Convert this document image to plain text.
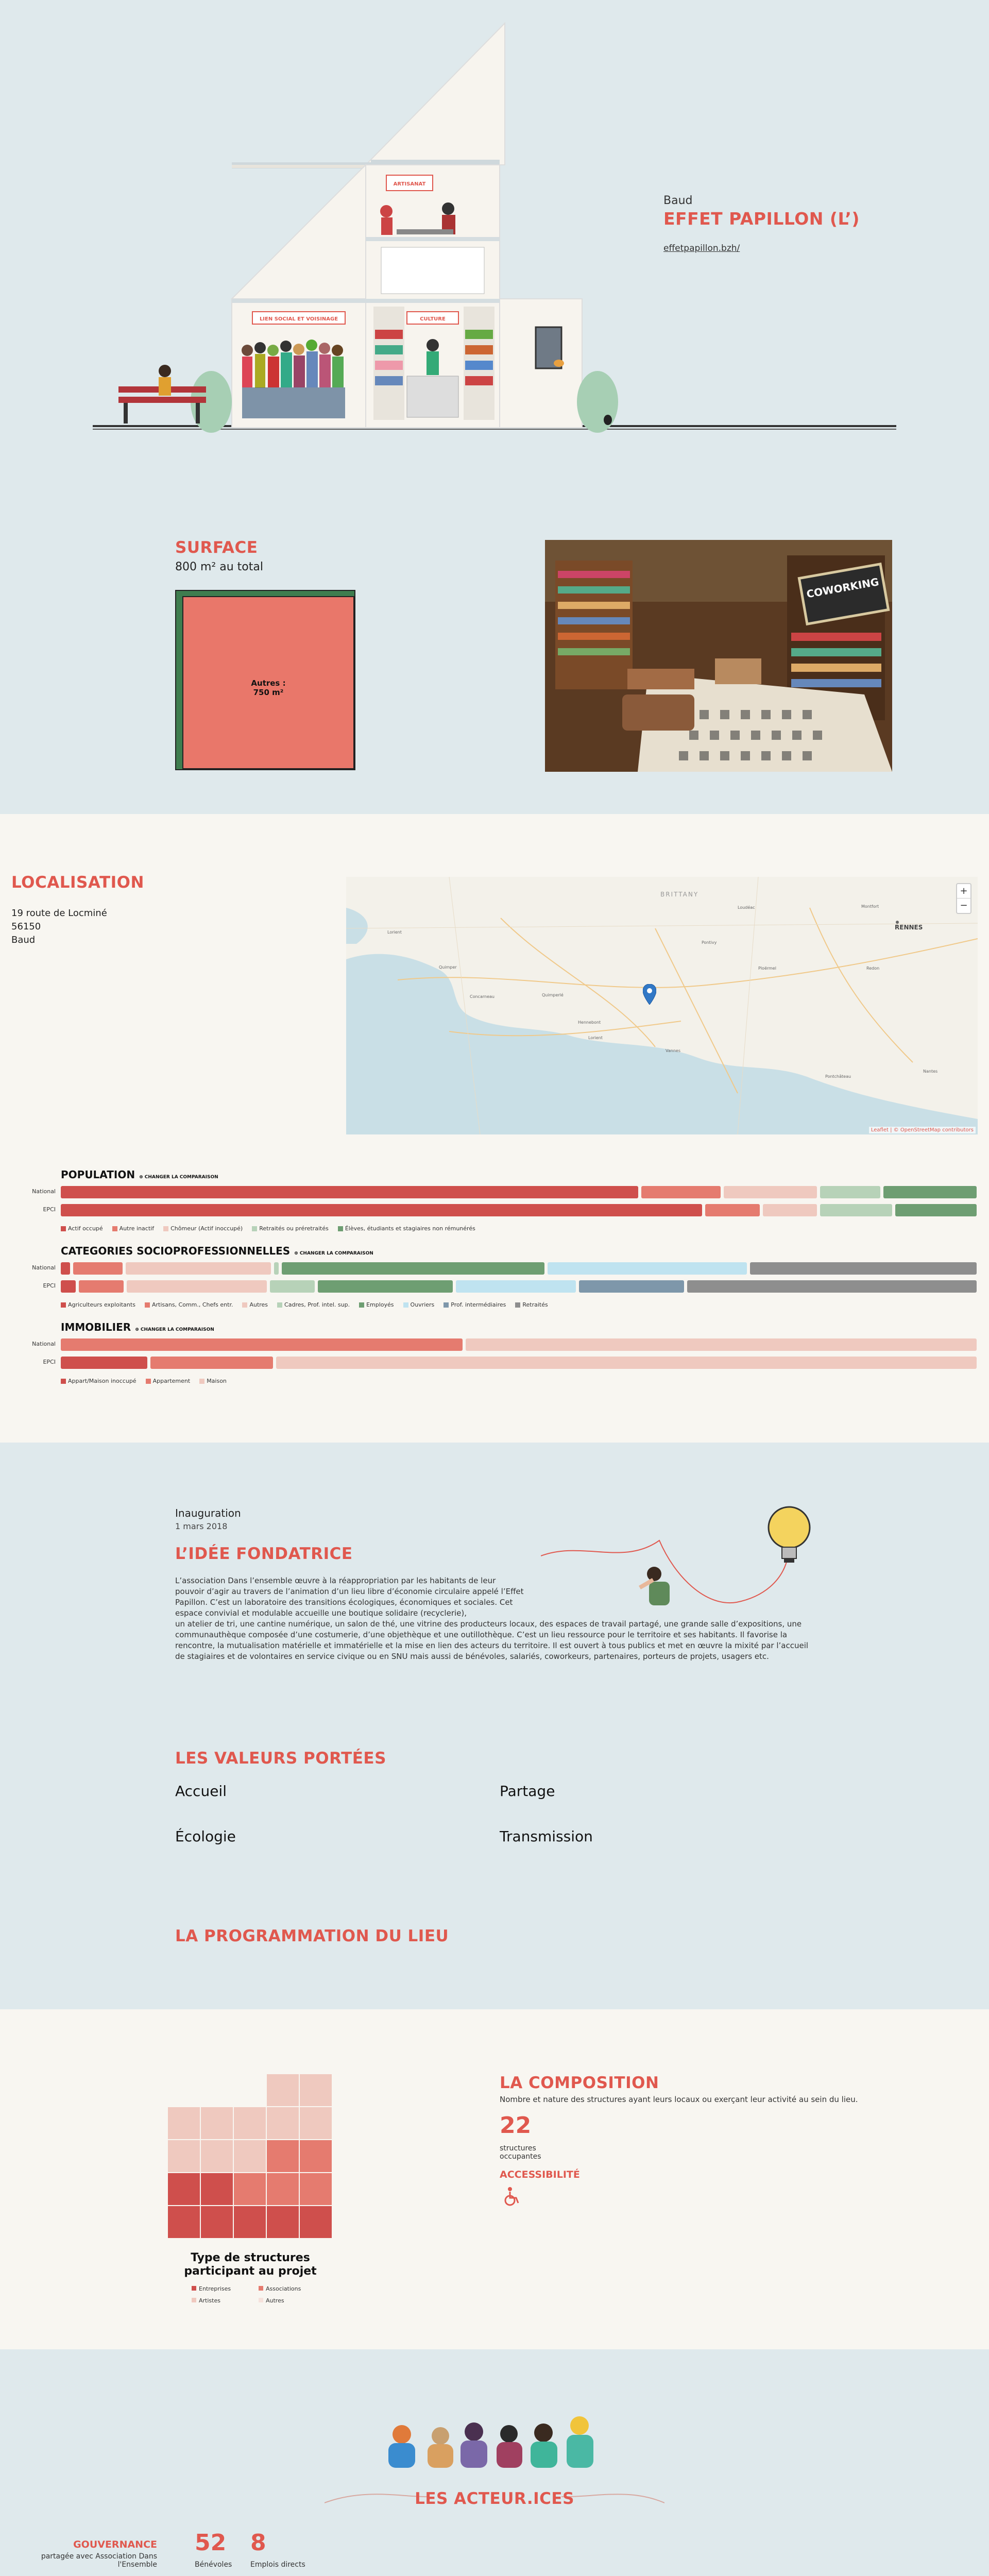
ARTISANAT
LIEN SOCIAL ET VOISINAGE	CULTURE
Baud
EFFET PAPILLON (L’)
effetpapillon.bzh/
SURFACE
800 m² au total
Autres :
750 m²
COWORKING
LOCALISATION
19 route de Locminé
56150
Baud
BRITTANY
RENNES
Lorient
Quimper
Concarneau	Quimperlé
Lorient
Hennebont
Pontivy
Ploërmel
Vannes
Redon
Pontchâteau
Nantes
Loudéac	Montfort
+
−
Leaflet | © OpenStreetMap contributors
POPULATION ⊕ CHANGER LA COMPARAISON
National
EPCI
Actif occupé	Autre inactif	Chômeur (Actif inoccupé)	Retraités ou préretraités	Élèves, étudiants et stagiaires non rémunérés
CATEGORIES SOCIOPROFESSIONNELLES ⊕ CHANGER LA COMPARAISON
National
EPCI
Agriculteurs exploitants	Artisans, Comm., Chefs entr.	Autres	Cadres, Prof. intel. sup.	Employés	Ouvriers	Prof. intermédiaires	Retraités
IMMOBILIER ⊕ CHANGER LA COMPARAISON
National
EPCI
Appart/Maison inoccupé	Appartement	Maison
Inauguration
1 mars 2018
L’IDÉE FONDATRICE
L’association Dans l’ensemble œuvre à la réappropriation par les habitants de leur pouvoir d’agir au travers de l’animation d’un lieu libre d’économie circulaire appelé l’Effet Papillon. C’est un laboratoire des transitions écologiques, économiques et sociales. Cet espace convivial et modulable accueille une boutique solidaire (recyclerie),
un atelier de tri, une cantine numérique, un salon de thé, une vitrine des producteurs locaux, des espaces de travail partagé, une grande salle d’expositions, une communauthèque composée d’une costumerie, d’une objethèque et une outillothèque. C’est un lieu ressource pour le territoire et ses habitants. Il favorise la rencontre, la mutualisation matérielle et immatérielle et la mise en lien des acteurs du territoire. Il est ouvert à tous publics et met en œuvre la mixité par l’accueil de stagiaires et de volontaires en service civique ou en SNU mais aussi de bénévoles, salariés, coworkeurs, partenaires, porteurs de projets, usagers etc.
LES VALEURS PORTÉES
Accueil	Partage
Écologie	Transmission
LA PROGRAMMATION DU LIEU
Type de structures
participant au projet
Entreprises	Associations
Artistes	Autres
LA COMPOSITION
Nombre et nature des structures ayant leurs locaux ou exerçant leur activité au sein du lieu.
22
structures
occupantes
ACCESSIBILITÉ
LES ACTEUR.ICES
GOUVERNANCE
partagée avec Association Dans
l'Ensemble
52
Bénévoles
8
Emplois directs
